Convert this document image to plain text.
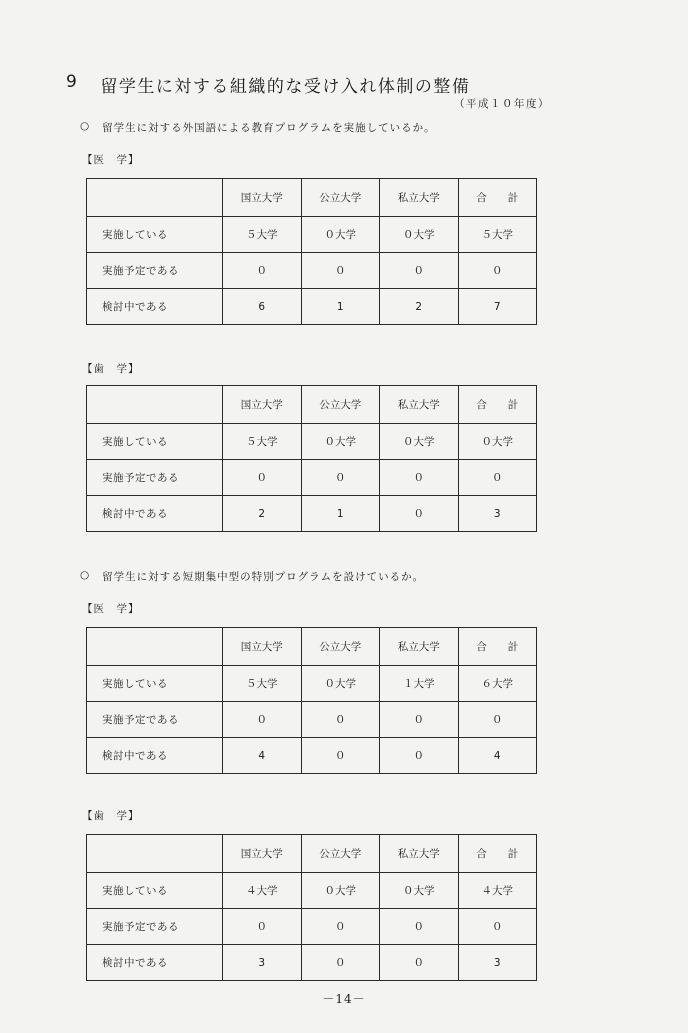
9 留学生に対する組織的な受け入れ体制の整備
（平成１０年度）
○ 留学生に対する外国語による教育プログラムを実施しているか。
【医　学】
	国立大学	公立大学	私立大学	合　　計
実施している	５大学	０大学	０大学	５大学
実施予定である	０	０	０	０
検討中である	6	1	2	7
【歯　学】
	国立大学	公立大学	私立大学	合　　計
実施している	５大学	０大学	０大学	０大学
実施予定である	０	０	０	０
検討中である	2	1	０	3
○ 留学生に対する短期集中型の特別プログラムを設けているか。
【医　学】
	国立大学	公立大学	私立大学	合　　計
実施している	５大学	０大学	１大学	６大学
実施予定である	０	０	０	０
検討中である	4	０	０	4
【歯　学】
	国立大学	公立大学	私立大学	合　　計
実施している	４大学	０大学	０大学	４大学
実施予定である	０	０	０	０
検討中である	3	０	０	3
－14－
